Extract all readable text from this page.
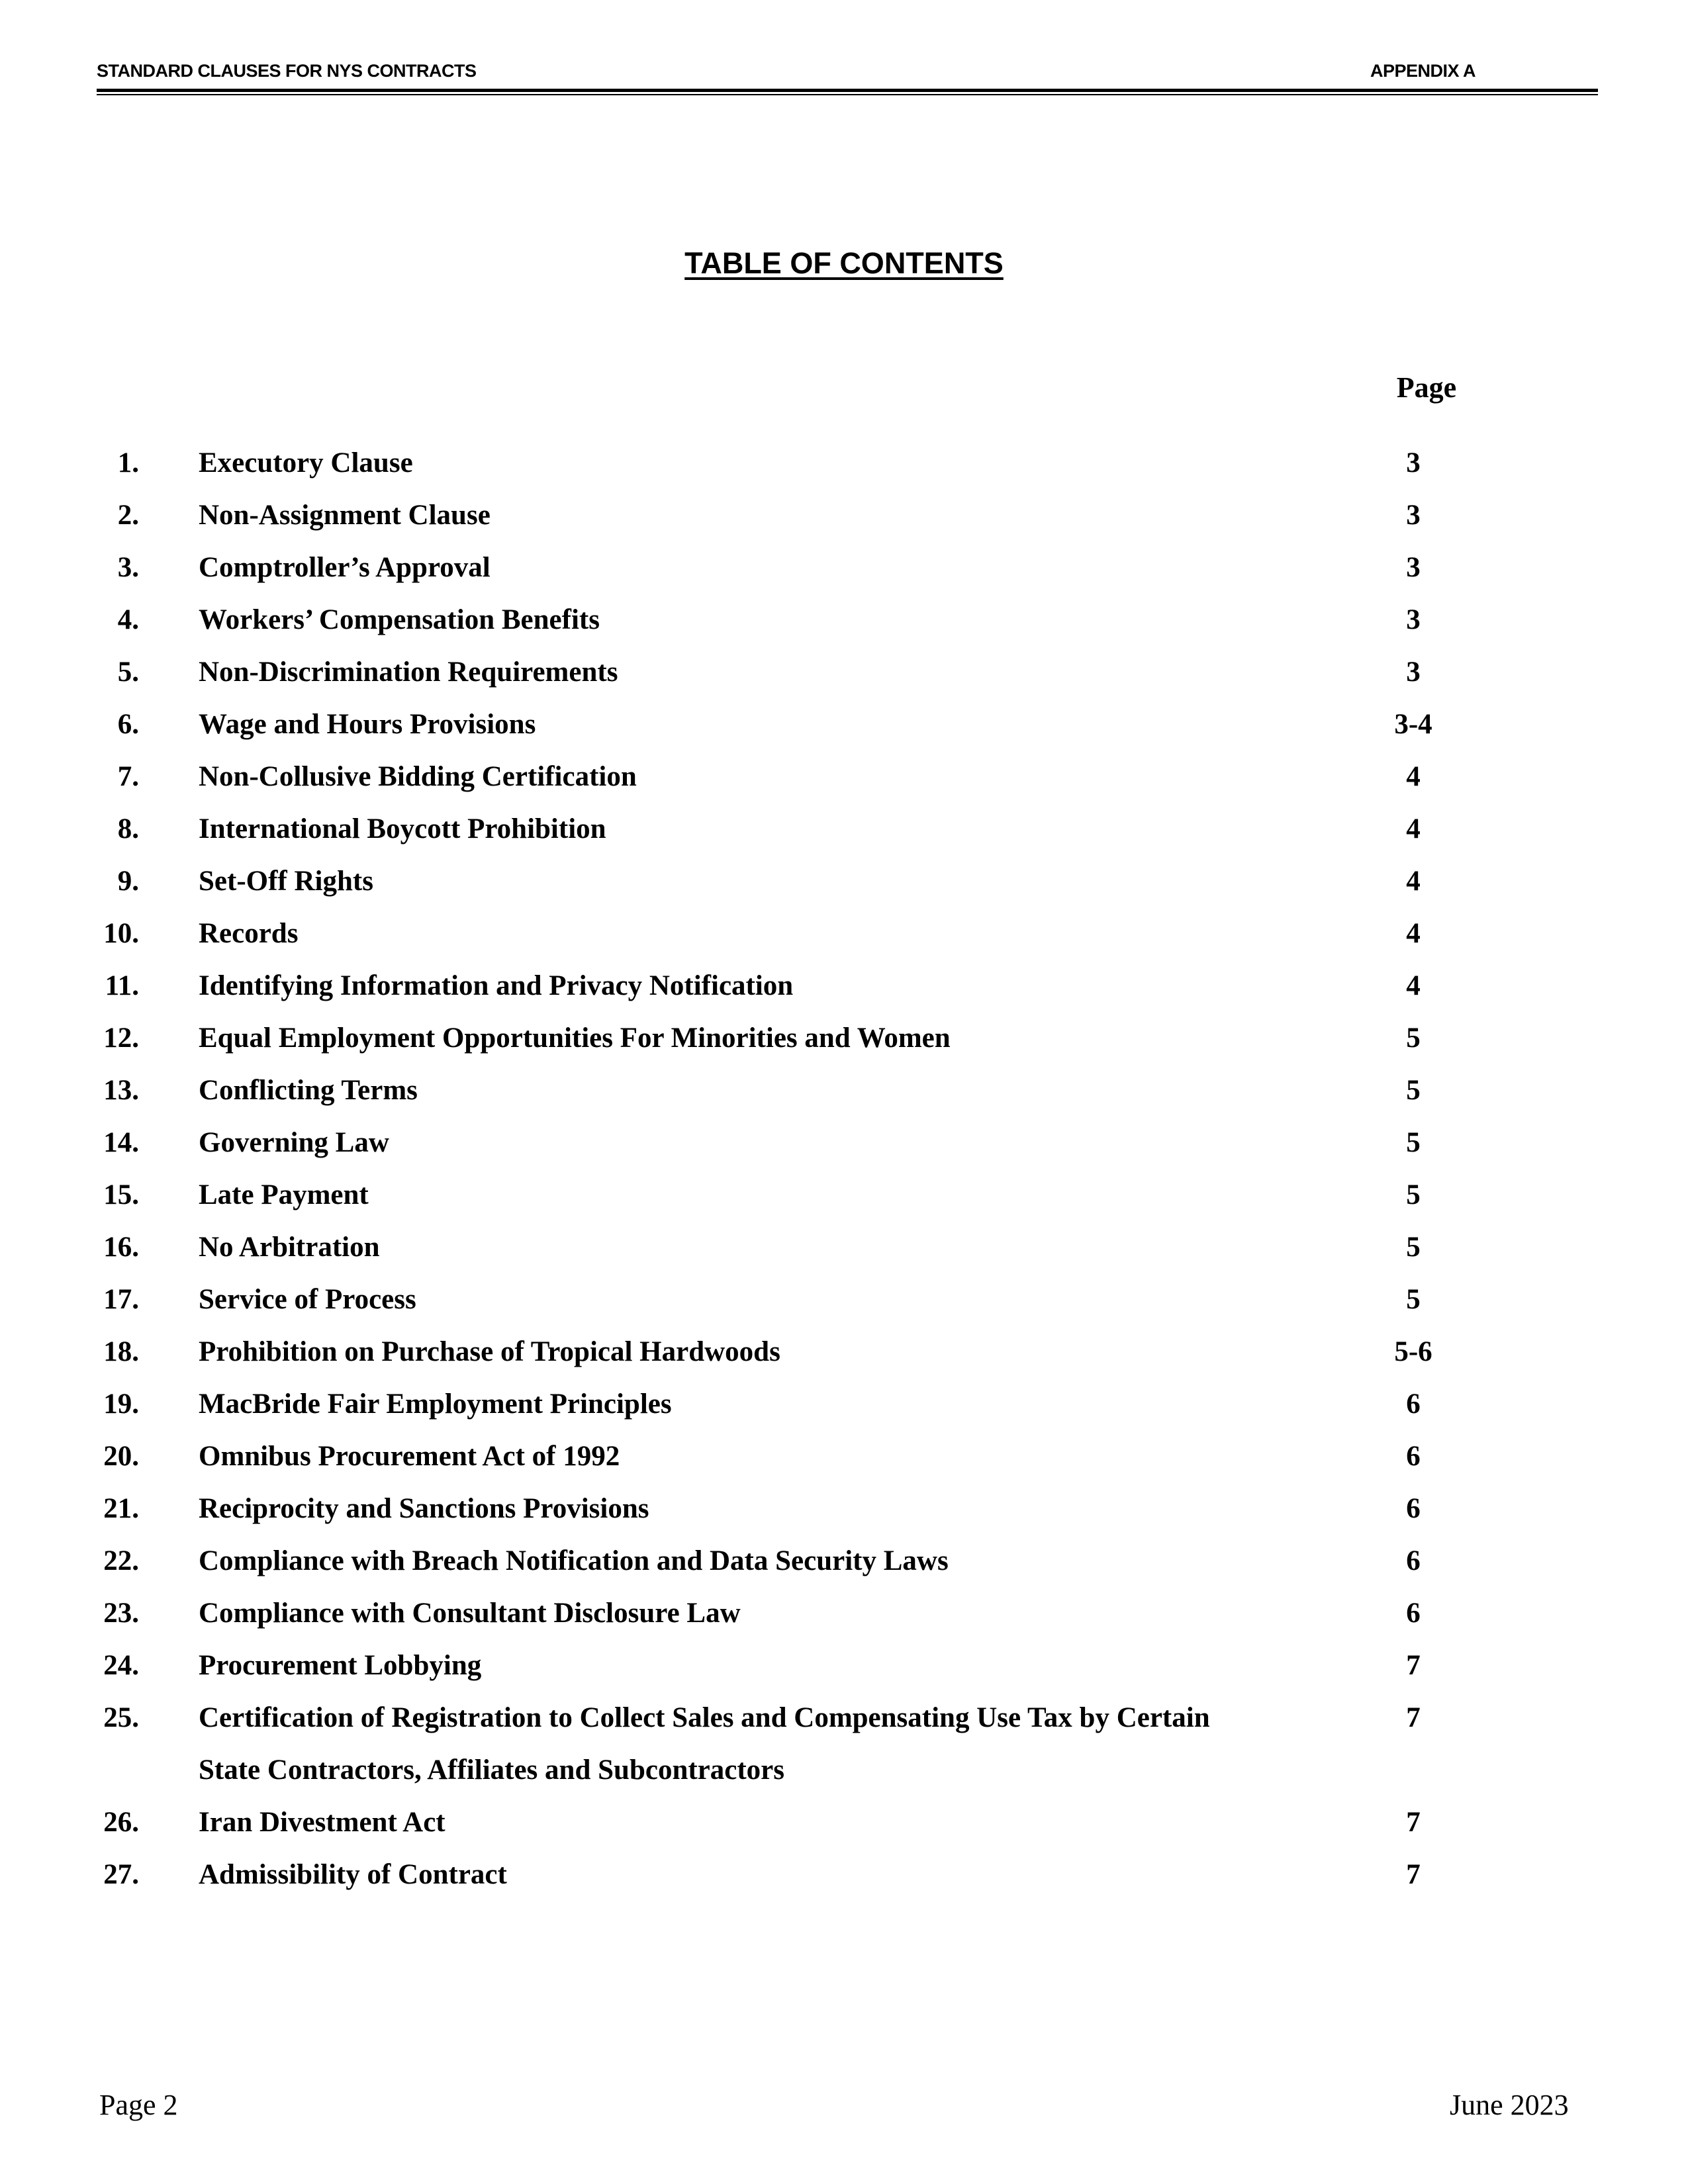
STANDARD CLAUSES FOR NYS CONTRACTS	APPENDIX A
TABLE OF CONTENTS
Page
1. Executory Clause	3
2. Non-Assignment Clause	3
3. Comptroller’s Approval	3
4. Workers’ Compensation Benefits	3
5. Non-Discrimination Requirements	3
6. Wage and Hours Provisions	3-4
7. Non-Collusive Bidding Certification	4
8. International Boycott Prohibition	4
9. Set-Off Rights	4
10. Records	4
11. Identifying Information and Privacy Notification	4
12. Equal Employment Opportunities For Minorities and Women	5
13. Conflicting Terms	5
14. Governing Law	5
15. Late Payment	5
16. No Arbitration	5
17. Service of Process	5
18. Prohibition on Purchase of Tropical Hardwoods	5-6
19. MacBride Fair Employment Principles	6
20. Omnibus Procurement Act of 1992	6
21. Reciprocity and Sanctions Provisions	6
22. Compliance with Breach Notification and Data Security Laws	6
23. Compliance with Consultant Disclosure Law	6
24. Procurement Lobbying	7
25. Certification of Registration to Collect Sales and Compensating Use Tax by Certain	7
State Contractors, Affiliates and Subcontractors
26. Iran Divestment Act	7
27. Admissibility of Contract	7
Page 2	June 2023
